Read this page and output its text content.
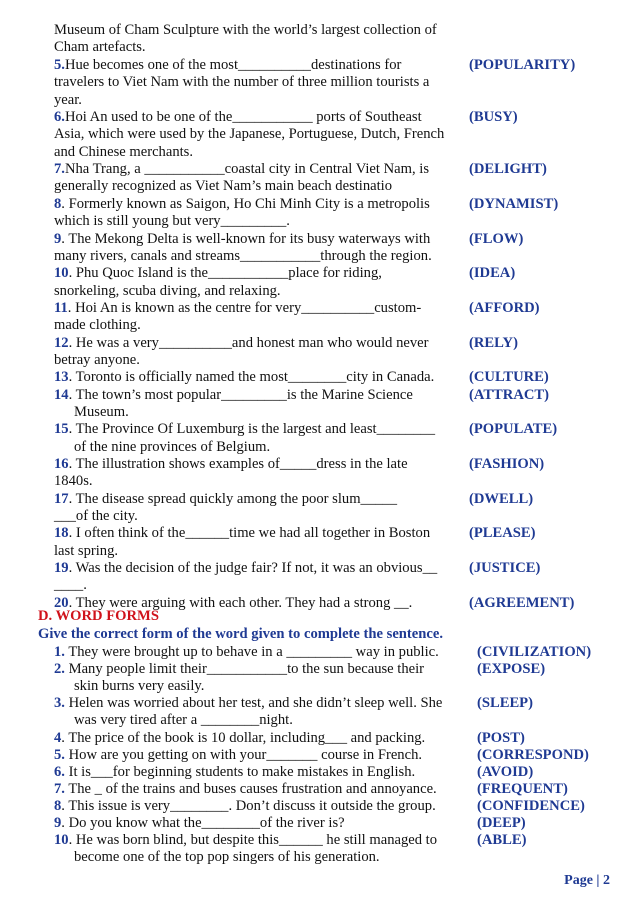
Museum of Cham Sculpture with the world’s largest collection of
Cham artefacts.
5.Hue becomes one of the most__________destinations for
travelers to Viet Nam with the number of three million tourists a
year.
(POPULARITY)
6.Hoi An used to be one of the___________ ports of Southeast
Asia, which were used by the Japanese, Portuguese, Dutch, French
and Chinese merchants.
(BUSY)
7.Nha Trang, a ___________coastal city in Central Viet Nam, is
generally recognized as Viet Nam’s main beach destinatio
(DELIGHT)
8. Formerly known as Saigon, Ho Chi Minh City is a metropolis
which is still young but very_________.
(DYNAMIST)
9. The Mekong Delta is well-known for its busy waterways with
many rivers, canals and streams___________through the region.
(FLOW)
10. Phu Quoc Island is the___________place for riding,
snorkeling, scuba diving, and relaxing.
(IDEA)
11. Hoi An is known as the centre for very__________custom-
made clothing.
(AFFORD)
12. He was a very__________and honest man who would never
betray anyone.
(RELY)
13. Toronto is officially named the most________city in Canada.	(CULTURE)
14. The town’s most popular_________is the Marine Science
Museum.
(ATTRACT)
15. The Province Of Luxemburg is the largest and least________
of the nine provinces of Belgium.
(POPULATE)
16. The illustration shows examples of_____dress in the late
1840s.
(FASHION)
17. The disease spread quickly among the poor slum_____
___of the city.
(DWELL)
18. I often think of the______time we had all together in Boston
last spring.
(PLEASE)
19. Was the decision of the judge fair? If not, it was an obvious__
____.
(JUSTICE)
20. They were arguing with each other. They had a strong __.	(AGREEMENT)
D. WORD FORMS
Give the correct form of the word given to complete the sentence.
1. They were brought up to behave in a _________ way in public.	(CIVILIZATION)
2. Many people limit their___________to the sun because their
skin burns very easily.
(EXPOSE)
3. Helen was worried about her test, and she didn’t sleep well. She
was very tired after a ________night.
(SLEEP)
4. The price of the book is 10 dollar, including___ and packing.	(POST)
5. How are you getting on with your_______ course in French.	(CORRESPOND)
6. It is___for beginning students to make mistakes in English.	(AVOID)
7. The _ of the trains and buses causes frustration and annoyance.	(FREQUENT)
8. This issue is very________. Don’t discuss it outside the group.	(CONFIDENCE)
9. Do you know what the________of the river is?	(DEEP)
10. He was born blind, but despite this______ he still managed to
become one of the top pop singers of his generation.
(ABLE)
Page | 2
